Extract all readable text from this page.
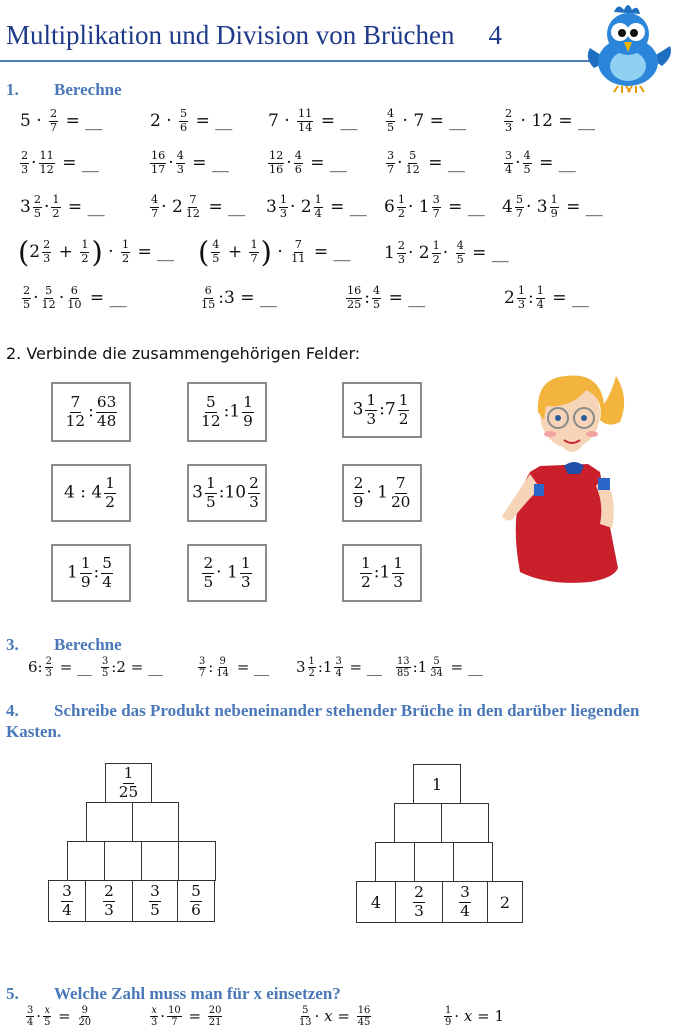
Multiplikation und Division von Brüchen 4
1. Berechne
$5 \cdot \frac{2}{7}$ = __	$2 \cdot \frac{5}{6}$ = __ $7 \cdot \frac{11}{14}$ = __	$\frac{4}{5} \cdot 7$ = __	$\frac{2}{3} \cdot 12$ = __
$\frac{2}{3} \cdot \frac{11}{12}$ = __	$\frac{16}{17} \cdot \frac{4}{3}$ = __	$\frac{12}{16} \cdot \frac{4}{6}$ = __	$\frac{3}{7} \cdot \frac{5}{12}$ = __	$\frac{3}{4} \cdot \frac{4}{5}$ = __
$3 \frac{2}{5} \cdot \frac{1}{2}$ = __	$\frac{4}{7} \cdot 2 \frac{7}{12}$ = __ $3 \frac{1}{3} \cdot 2 \frac{1}{4}$ = __ $6 \frac{1}{2} \cdot 1 \frac{3}{7}$ = __ $4 \frac{5}{7} \cdot 3 \frac{1}{9}$ = __
($2 \frac{2}{3} + \frac{1}{2}$ ) · $\frac{1}{2}$ = __ ( $\frac{4}{5} + \frac{1}{7}$ ) · $\frac{7}{11}$ = __ $1 \frac{2}{3} \cdot 2 \frac{1}{2} \cdot \frac{4}{5}$ = __
$\frac{2}{5} \cdot \frac{5}{12} \cdot \frac{6}{10}$ = __	$\frac{6}{15}$ :3 = __	$\frac{16}{25}$ : $\frac{4}{5}$ = __	$2 \frac{1}{3}$ : $\frac{1}{4}$ = __
2. Verbinde die zusammengehörigen Felder:
$\frac{7}{12}$ : $\frac{63}{48}$	$\frac{5}{12}$ :1 $\frac{1}{9}$	$3 \frac{1}{3}$ :7 $\frac{1}{2}$
4 : $4 \frac{1}{2}$	$3 \frac{1}{5}$ :10 $\frac{2}{3}$	$\frac{2}{9} \cdot 1 \frac{7}{20}$
$1 \frac{1}{9}$ : $\frac{5}{4}$	$\frac{2}{5} \cdot 1 \frac{1}{3}$	$\frac{1}{2}$ :1 $\frac{1}{3}$
3. Berechne
6: $\frac{2}{3}$ = __ $\frac{3}{5}$ :2 = __	$\frac{3}{7}$ : $\frac{9}{14}$ = __ $3 \frac{1}{2}$ :1 $\frac{3}{4}$ = __ $\frac{13}{85}$ :1 $\frac{5}{34}$ = __
4. Schreibe das Produkt nebeneinander stehender Brüche in den darüber liegenden Kasten.
$\frac{1}{25}$
$\frac{3}{4} \frac{2}{3} \frac{3}{5} \frac{5}{6}$
1
$4 \frac{2}{3} \frac{3}{4} 2$
5. Welche Zahl muss man für x einsetzen?
$\frac{3}{4} \cdot \frac{x}{5} = \frac{9}{20}$	$\frac{x}{3} \cdot \frac{10}{7} = \frac{20}{21}$	$\frac{5}{13} \cdot x = \frac{16}{45}$	$\frac{1}{9} \cdot x = 1$
